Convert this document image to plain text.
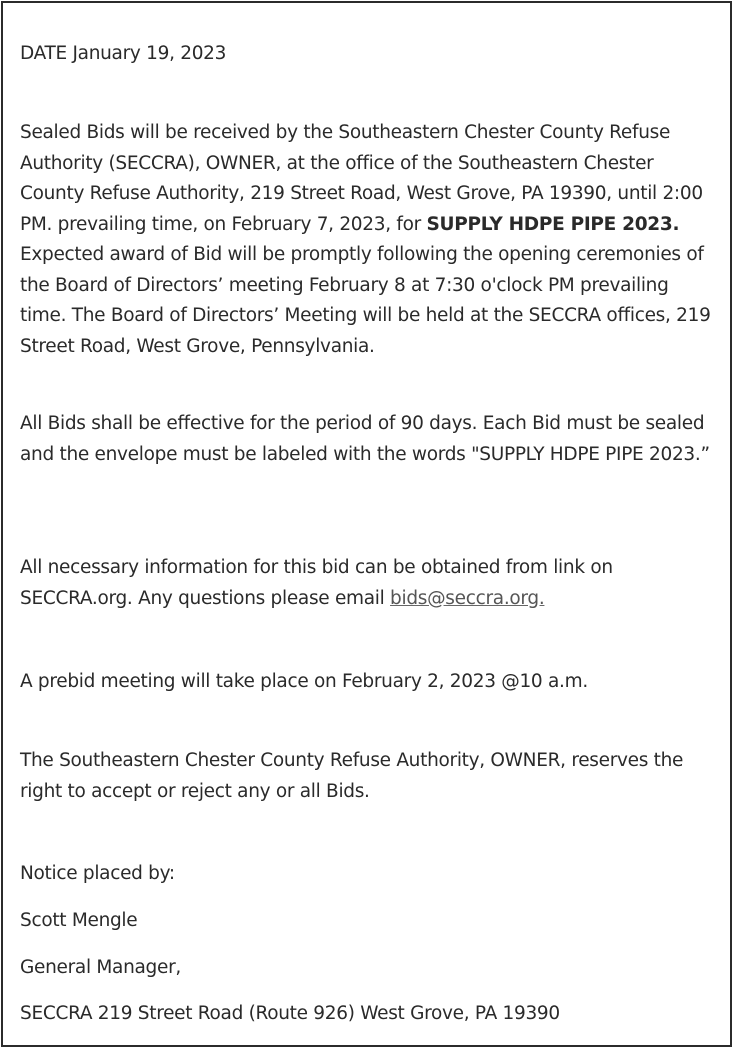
DATE January 19, 2023

Sealed Bids will be received by the Southeastern Chester County Refuse Authority (SECCRA), OWNER, at the office of the Southeastern Chester County Refuse Authority, 219 Street Road, West Grove, PA 19390, until 2:00 PM. prevailing time, on February 7, 2023, for SUPPLY HDPE PIPE 2023. Expected award of Bid will be promptly following the opening ceremonies of the Board of Directors’ meeting February 8 at 7:30 o'clock PM prevailing time. The Board of Directors’ Meeting will be held at the SECCRA offices, 219 Street Road, West Grove, Pennsylvania.

All Bids shall be effective for the period of 90 days. Each Bid must be sealed and the envelope must be labeled with the words "SUPPLY HDPE PIPE 2023.”

All necessary information for this bid can be obtained from link on SECCRA.org. Any questions please email bids@seccra.org.

A prebid meeting will take place on February 2, 2023 @10 a.m.

The Southeastern Chester County Refuse Authority, OWNER, reserves the right to accept or reject any or all Bids.

Notice placed by:

Scott Mengle

General Manager,

SECCRA 219 Street Road (Route 926) West Grove, PA 19390
